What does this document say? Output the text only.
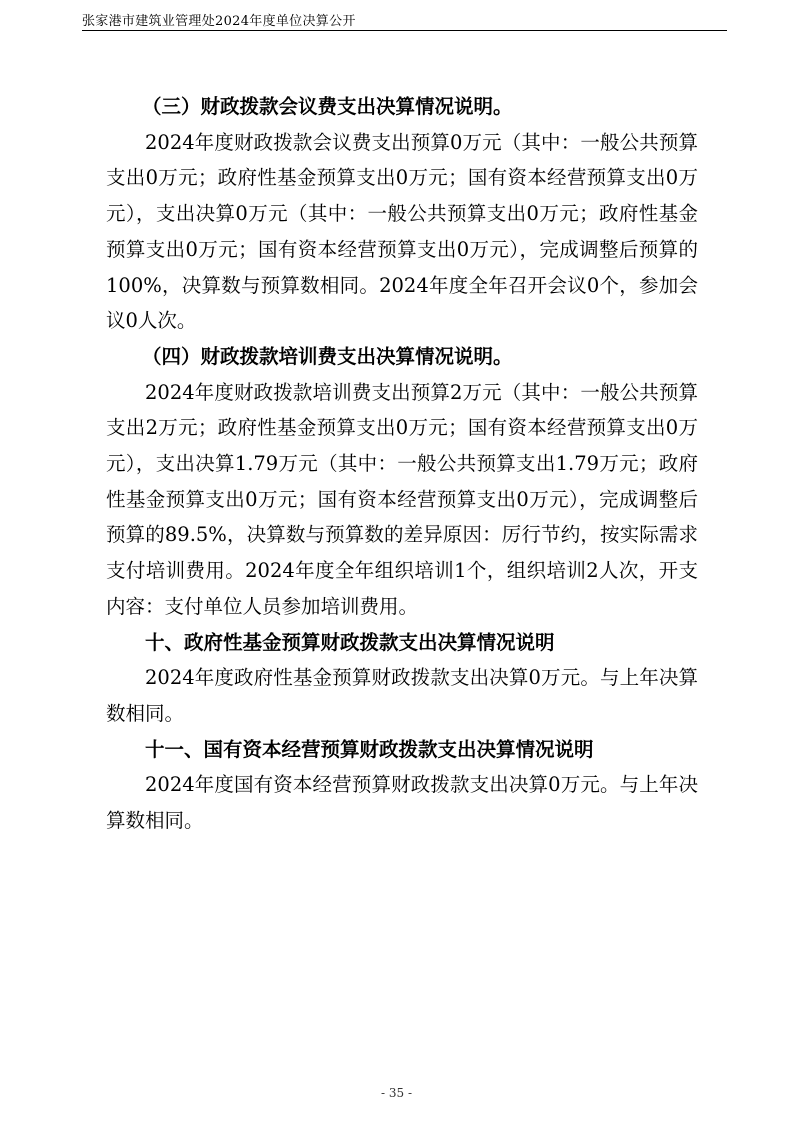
张家港市建筑业管理处2024年度单位决算公开

（三）财政拨款会议费支出决算情况说明。

2024年度财政拨款会议费支出预算0万元（其中：一般公共预算支出0万元；政府性基金预算支出0万元；国有资本经营预算支出0万元），支出决算0万元（其中：一般公共预算支出0万元；政府性基金预算支出0万元；国有资本经营预算支出0万元），完成调整后预算的100%，决算数与预算数相同。2024年度全年召开会议0个，参加会议0人次。

（四）财政拨款培训费支出决算情况说明。

2024年度财政拨款培训费支出预算2万元（其中：一般公共预算支出2万元；政府性基金预算支出0万元；国有资本经营预算支出0万元），支出决算1.79万元（其中：一般公共预算支出1.79万元；政府性基金预算支出0万元；国有资本经营预算支出0万元），完成调整后预算的89.5%，决算数与预算数的差异原因：厉行节约，按实际需求支付培训费用。2024年度全年组织培训1个，组织培训2人次，开支内容：支付单位人员参加培训费用。

十、政府性基金预算财政拨款支出决算情况说明

2024年度政府性基金预算财政拨款支出决算0万元。与上年决算数相同。

十一、国有资本经营预算财政拨款支出决算情况说明

2024年度国有资本经营预算财政拨款支出决算0万元。与上年决算数相同。

- 35 -
